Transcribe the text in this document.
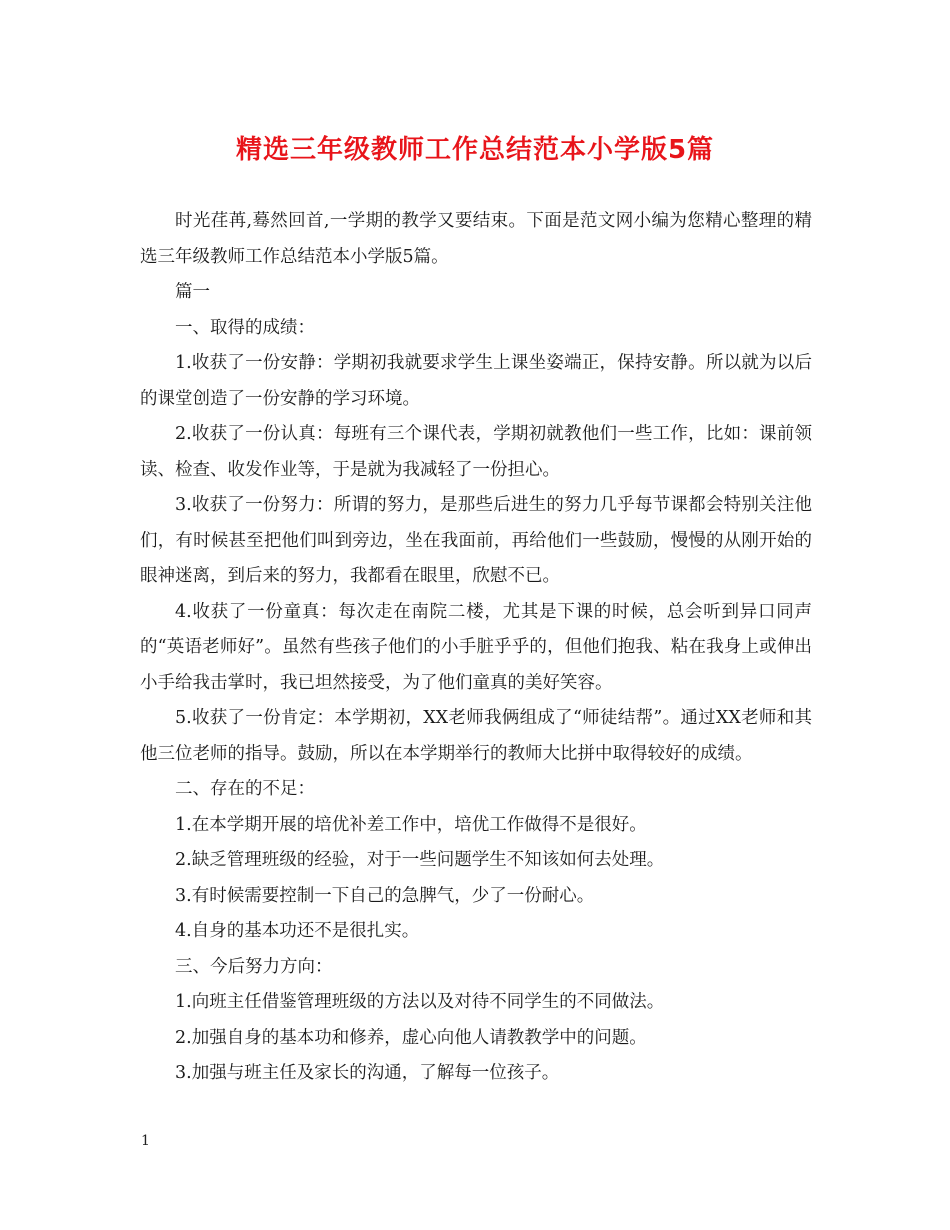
精选三年级教师工作总结范本小学版5篇

时光荏苒,蓦然回首,一学期的教学又要结束。下面是范文网小编为您精心整理的精选三年级教师工作总结范本小学版5篇。

篇一

一、取得的成绩：

1.收获了一份安静：学期初我就要求学生上课坐姿端正，保持安静。所以就为以后的课堂创造了一份安静的学习环境。

2.收获了一份认真：每班有三个课代表，学期初就教他们一些工作，比如：课前领读、检查、收发作业等，于是就为我减轻了一份担心。

3.收获了一份努力：所谓的努力，是那些后进生的努力几乎每节课都会特别关注他们，有时候甚至把他们叫到旁边，坐在我面前，再给他们一些鼓励，慢慢的从刚开始的眼神迷离，到后来的努力，我都看在眼里，欣慰不已。

4.收获了一份童真：每次走在南院二楼，尤其是下课的时候，总会听到异口同声的“英语老师好”。虽然有些孩子他们的小手脏乎乎的，但他们抱我、粘在我身上或伸出小手给我击掌时，我已坦然接受，为了他们童真的美好笑容。

5.收获了一份肯定：本学期初，XX老师我俩组成了“师徒结帮”。通过XX老师和其他三位老师的指导。鼓励，所以在本学期举行的教师大比拼中取得较好的成绩。

二、存在的不足：

1.在本学期开展的培优补差工作中，培优工作做得不是很好。

2.缺乏管理班级的经验，对于一些问题学生不知该如何去处理。

3.有时候需要控制一下自己的急脾气，少了一份耐心。

4.自身的基本功还不是很扎实。

三、今后努力方向：

1.向班主任借鉴管理班级的方法以及对待不同学生的不同做法。

2.加强自身的基本功和修养，虚心向他人请教教学中的问题。

3.加强与班主任及家长的沟通，了解每一位孩子。

1
